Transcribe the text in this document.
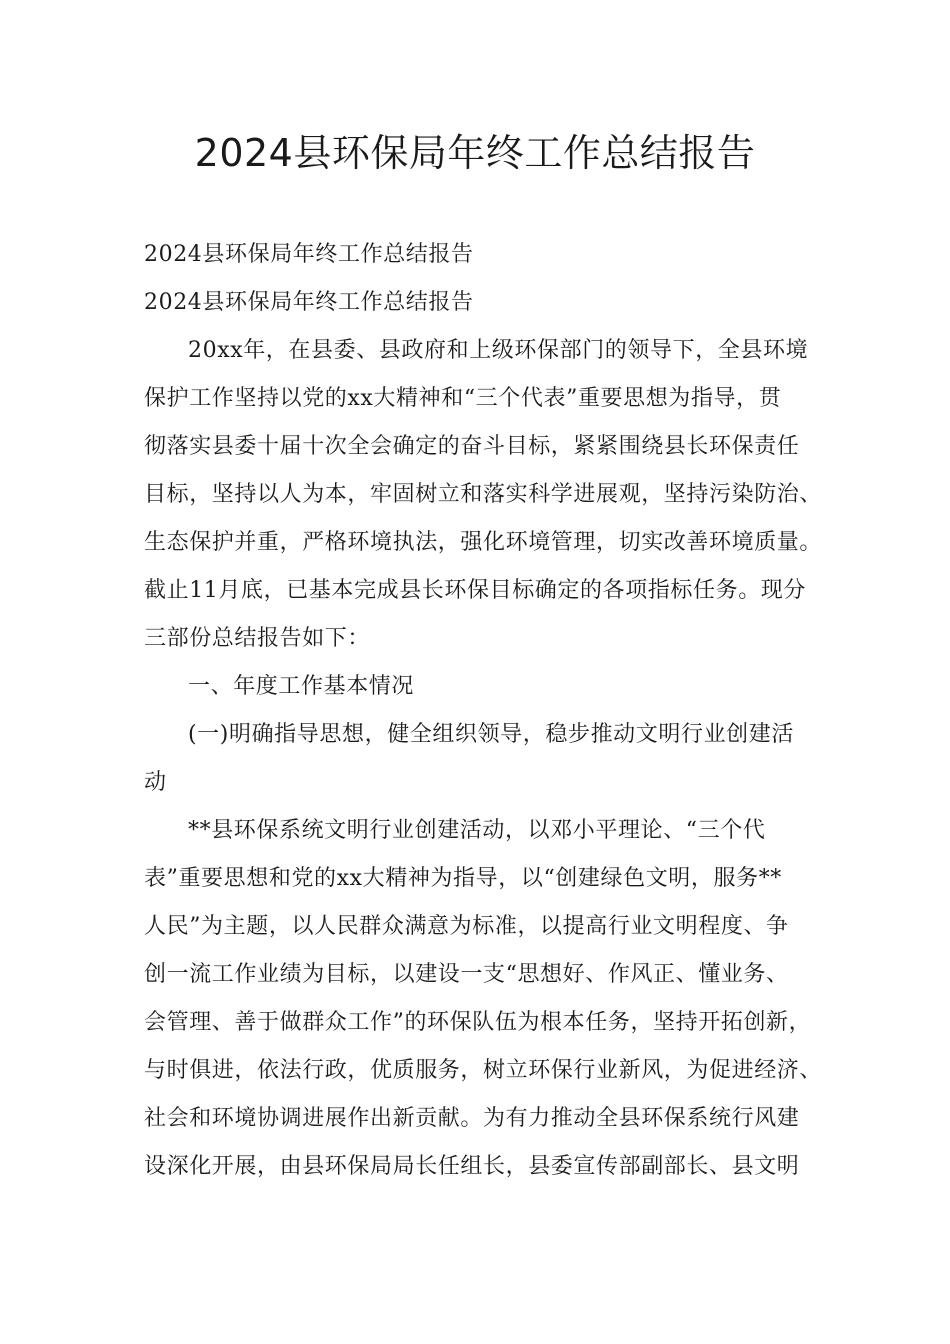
2024县环保局年终工作总结报告
2024县环保局年终工作总结报告
2024县环保局年终工作总结报告
20xx年，在县委、县政府和上级环保部门的领导下，全县环境
保护工作坚持以党的xx大精神和“三个代表”重要思想为指导，贯
彻落实县委十届十次全会确定的奋斗目标，紧紧围绕县长环保责任
目标，坚持以人为本，牢固树立和落实科学进展观，坚持污染防治、
生态保护并重，严格环境执法，强化环境管理，切实改善环境质量。
截止11月底，已基本完成县长环保目标确定的各项指标任务。现分
三部份总结报告如下：
一、年度工作基本情况
(一)明确指导思想，健全组织领导，稳步推动文明行业创建活
动
**县环保系统文明行业创建活动，以邓小平理论、“三个代
表”重要思想和党的xx大精神为指导，以“创建绿色文明，服务**
人民”为主题，以人民群众满意为标准，以提高行业文明程度、争
创一流工作业绩为目标，以建设一支“思想好、作风正、懂业务、
会管理、善于做群众工作”的环保队伍为根本任务，坚持开拓创新，
与时俱进，依法行政，优质服务，树立环保行业新风，为促进经济、
社会和环境协调进展作出新贡献。为有力推动全县环保系统行风建
设深化开展，由县环保局局长任组长，县委宣传部副部长、县文明
